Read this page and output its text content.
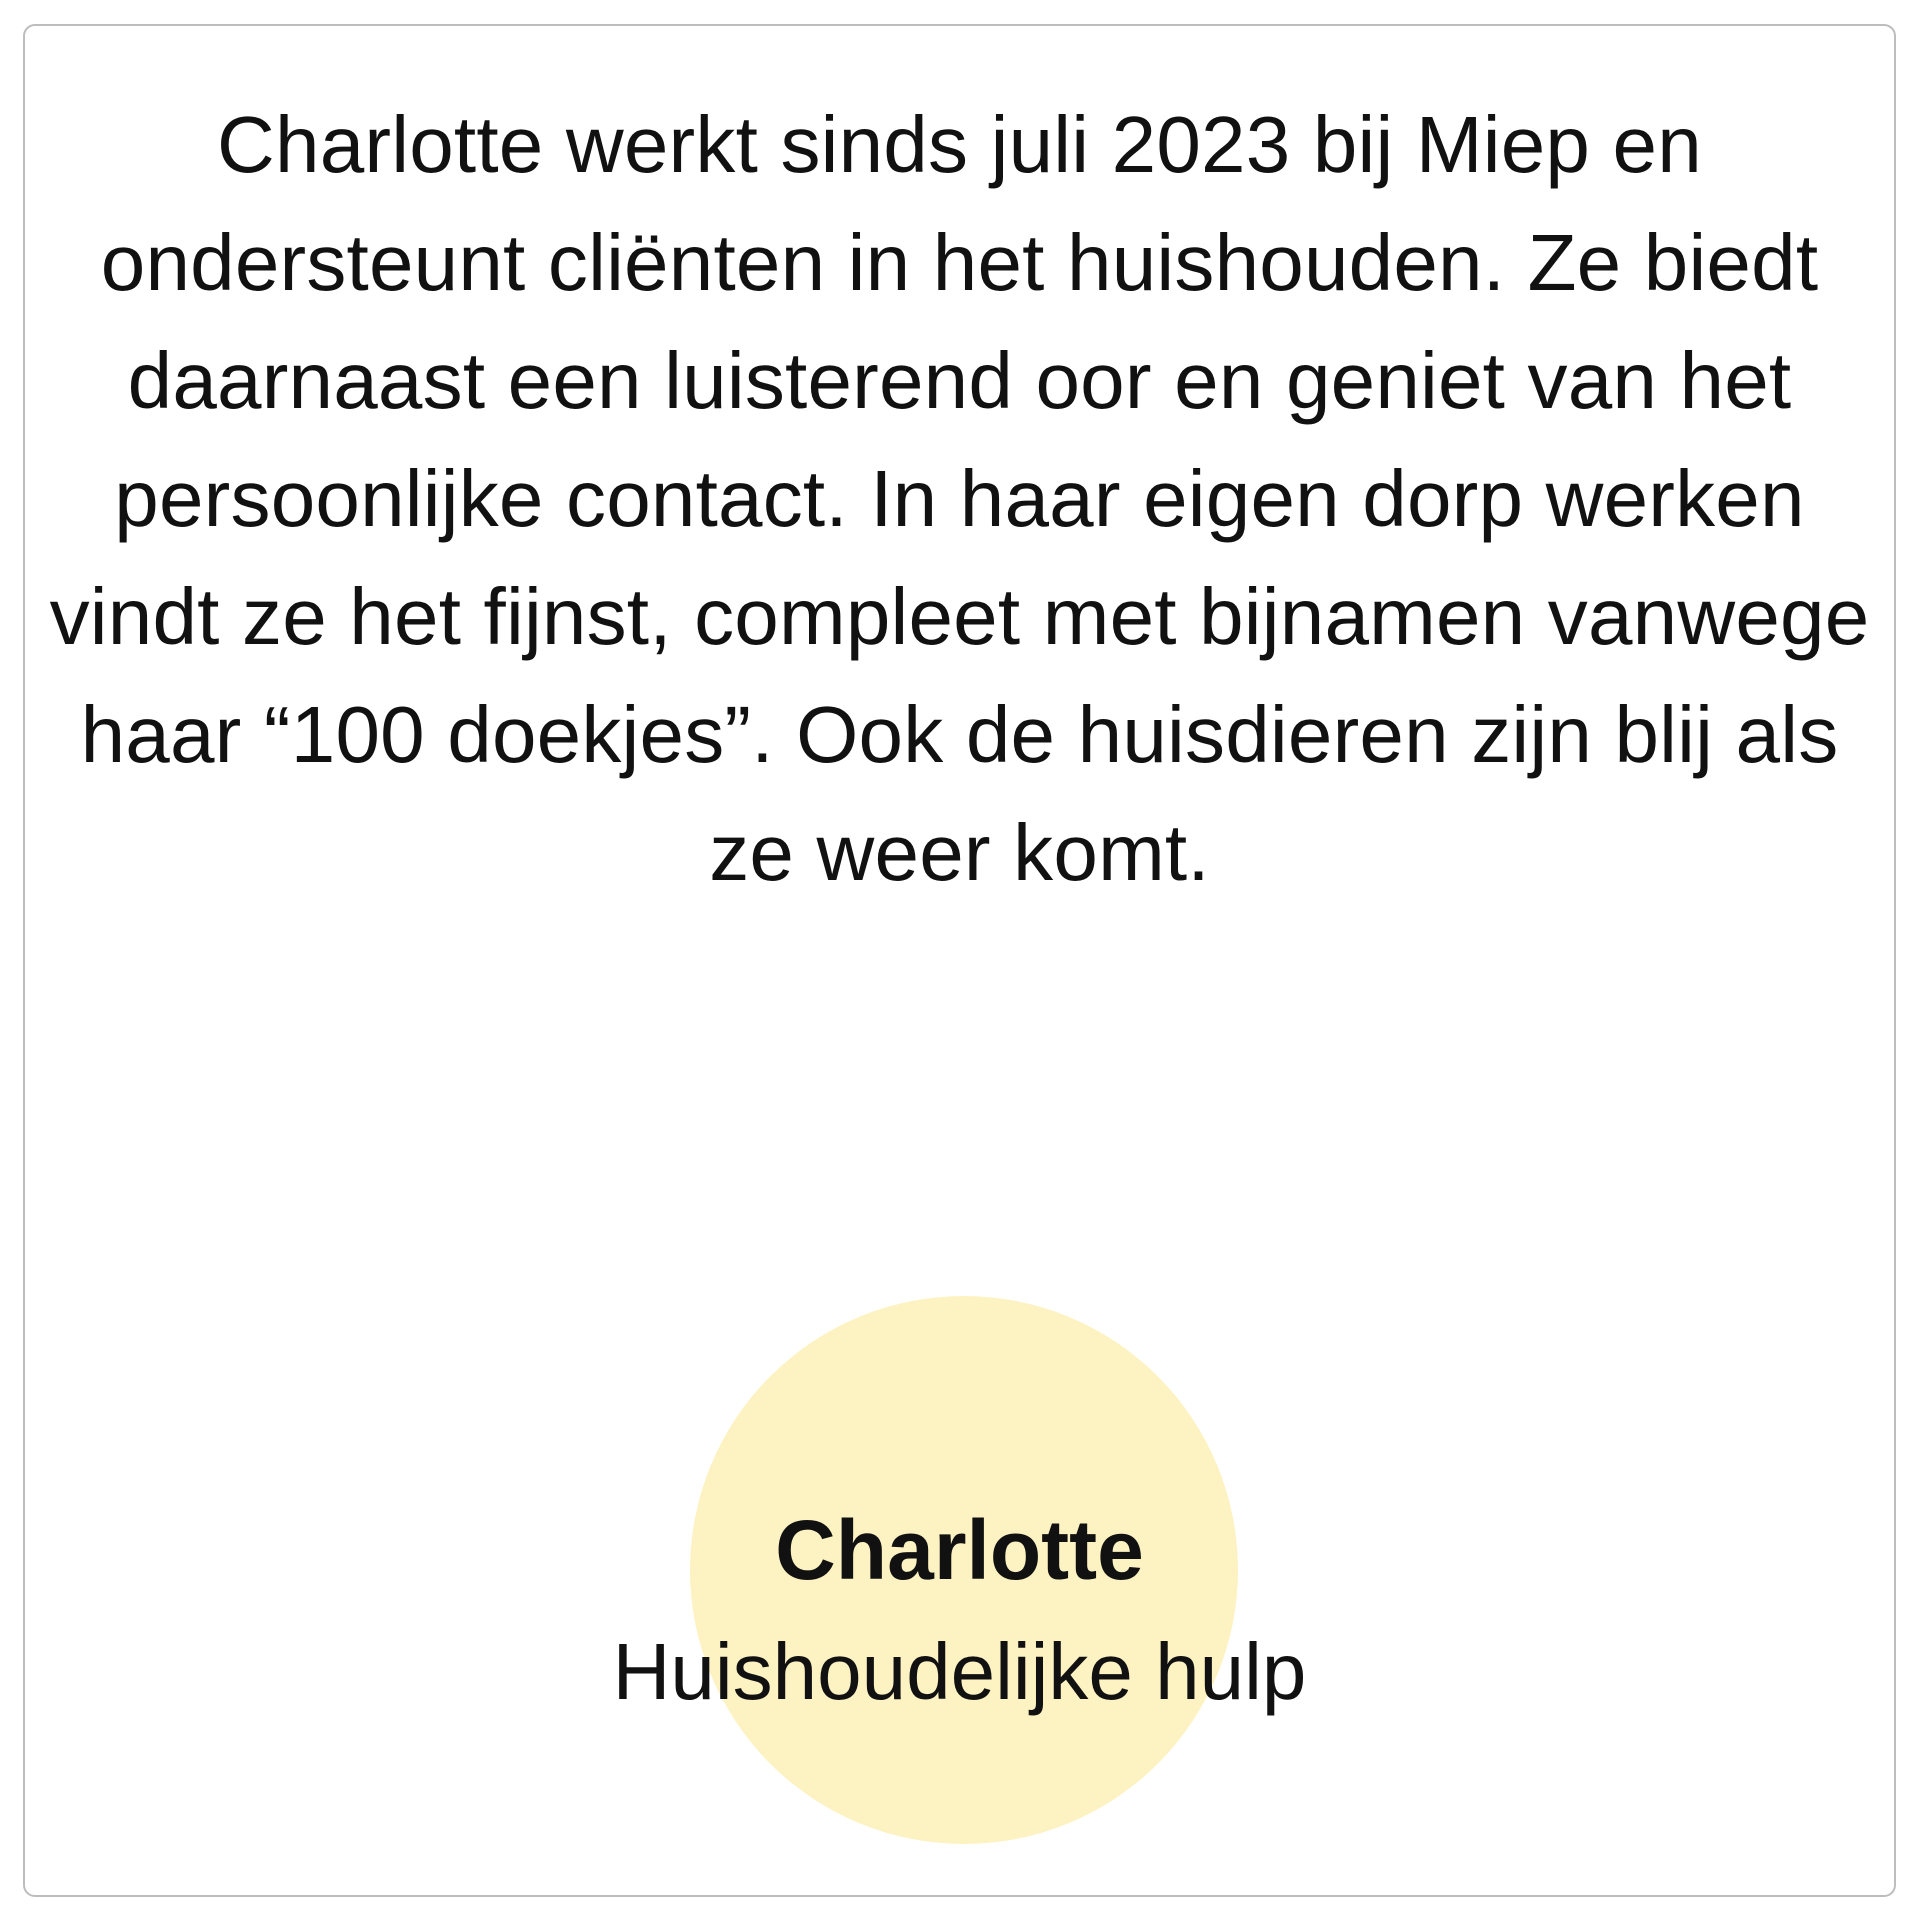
Charlotte werkt sinds juli 2023 bij Miep en ondersteunt cliënten in het huishouden. Ze biedt daarnaast een luisterend oor en geniet van het persoonlijke contact. In haar eigen dorp werken vindt ze het fijnst, compleet met bijnamen vanwege haar “100 doekjes”. Ook de huisdieren zijn blij als ze weer komt.

Charlotte

Huishoudelijke hulp
